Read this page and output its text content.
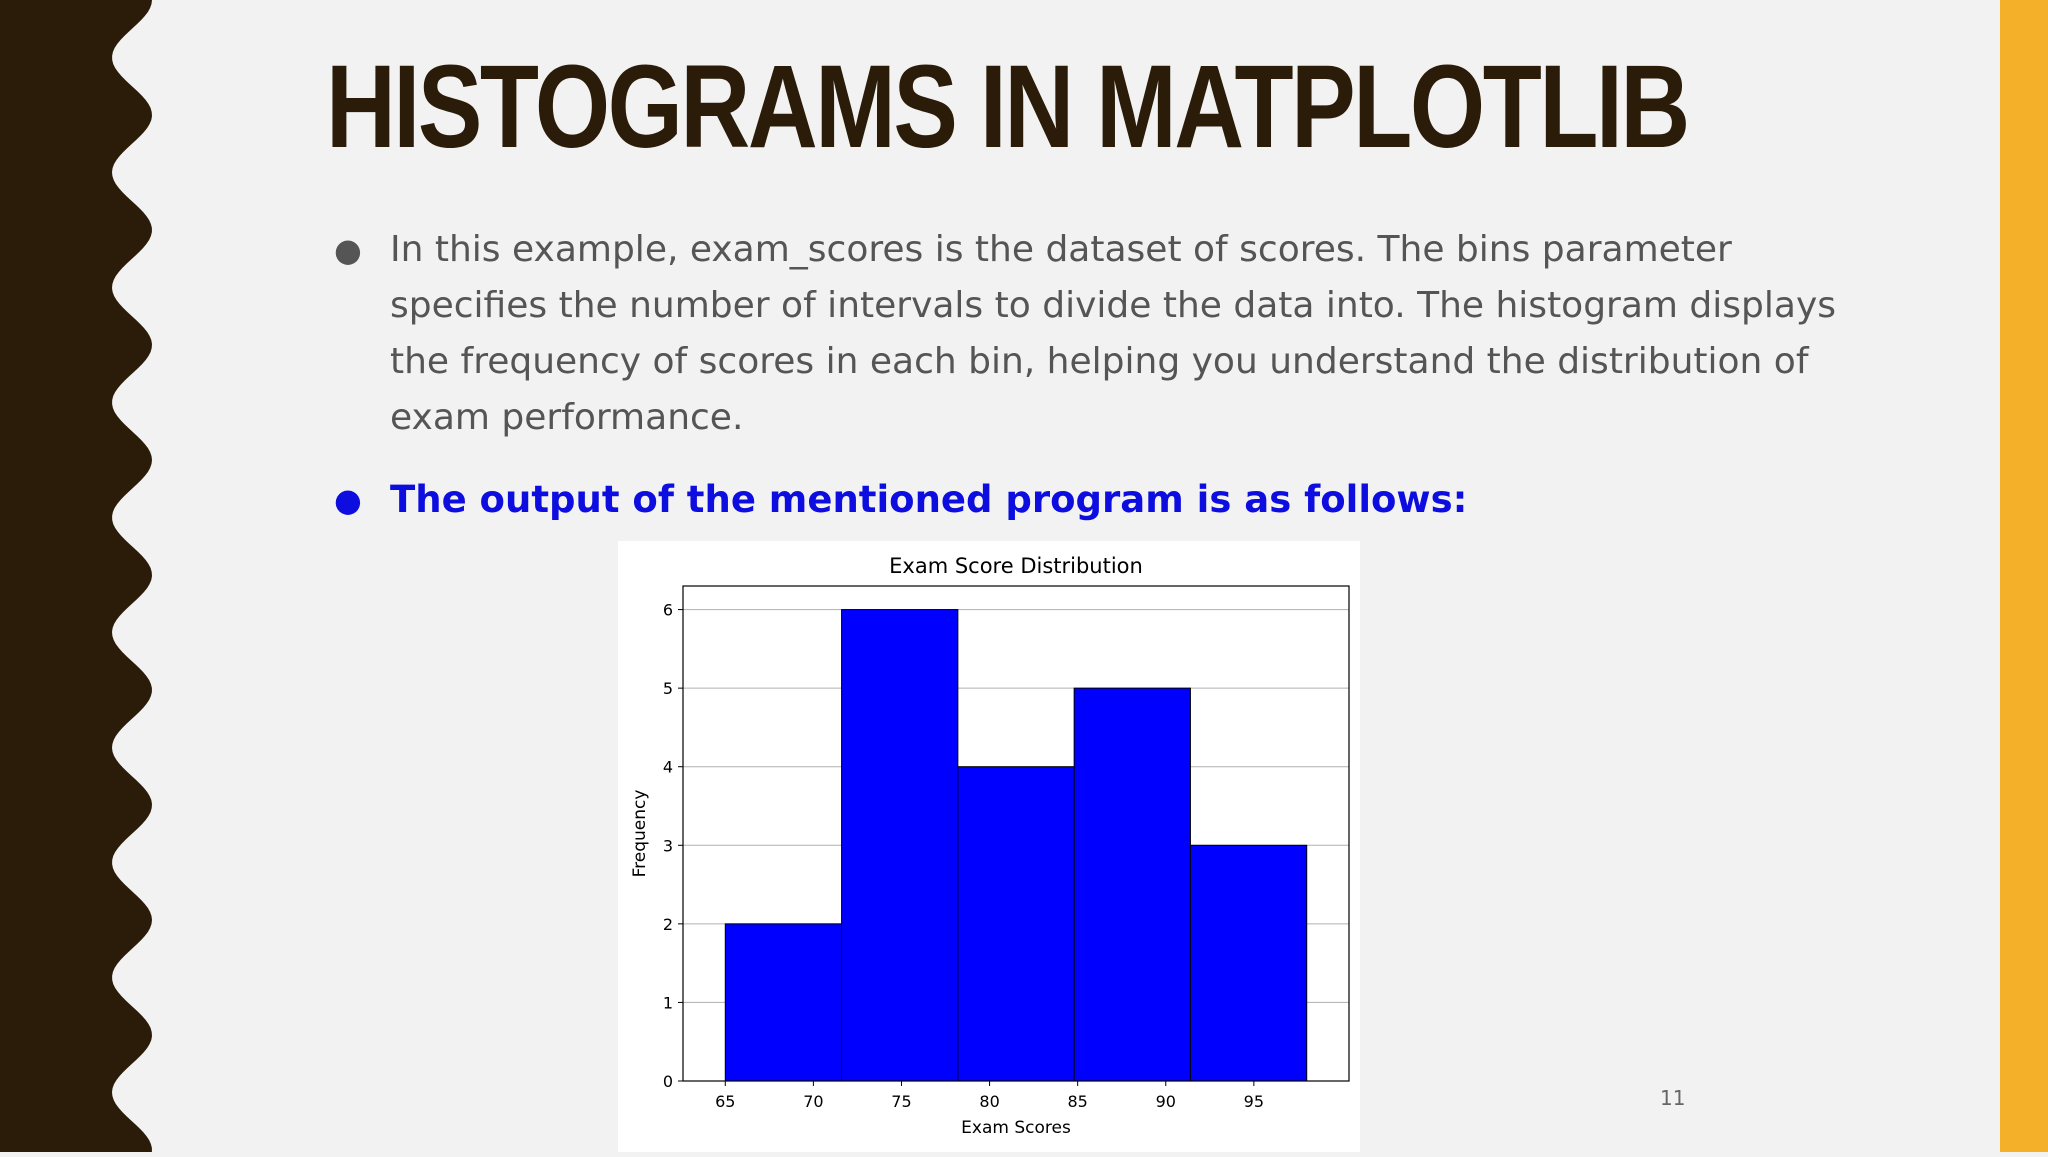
HISTOGRAMS IN MATPLOTLIB
● In this example, exam_scores is the dataset of scores. The bins parameter specifies the number of intervals to divide the data into. The histogram displays the frequency of scores in each bin, helping you understand the distribution of exam performance.
● The output of the mentioned program is as follows:
0
1
2
3
4
5
6
65	70	75	80	85	90	95
Exam Score Distribution
Exam Scores
Frequency
11
